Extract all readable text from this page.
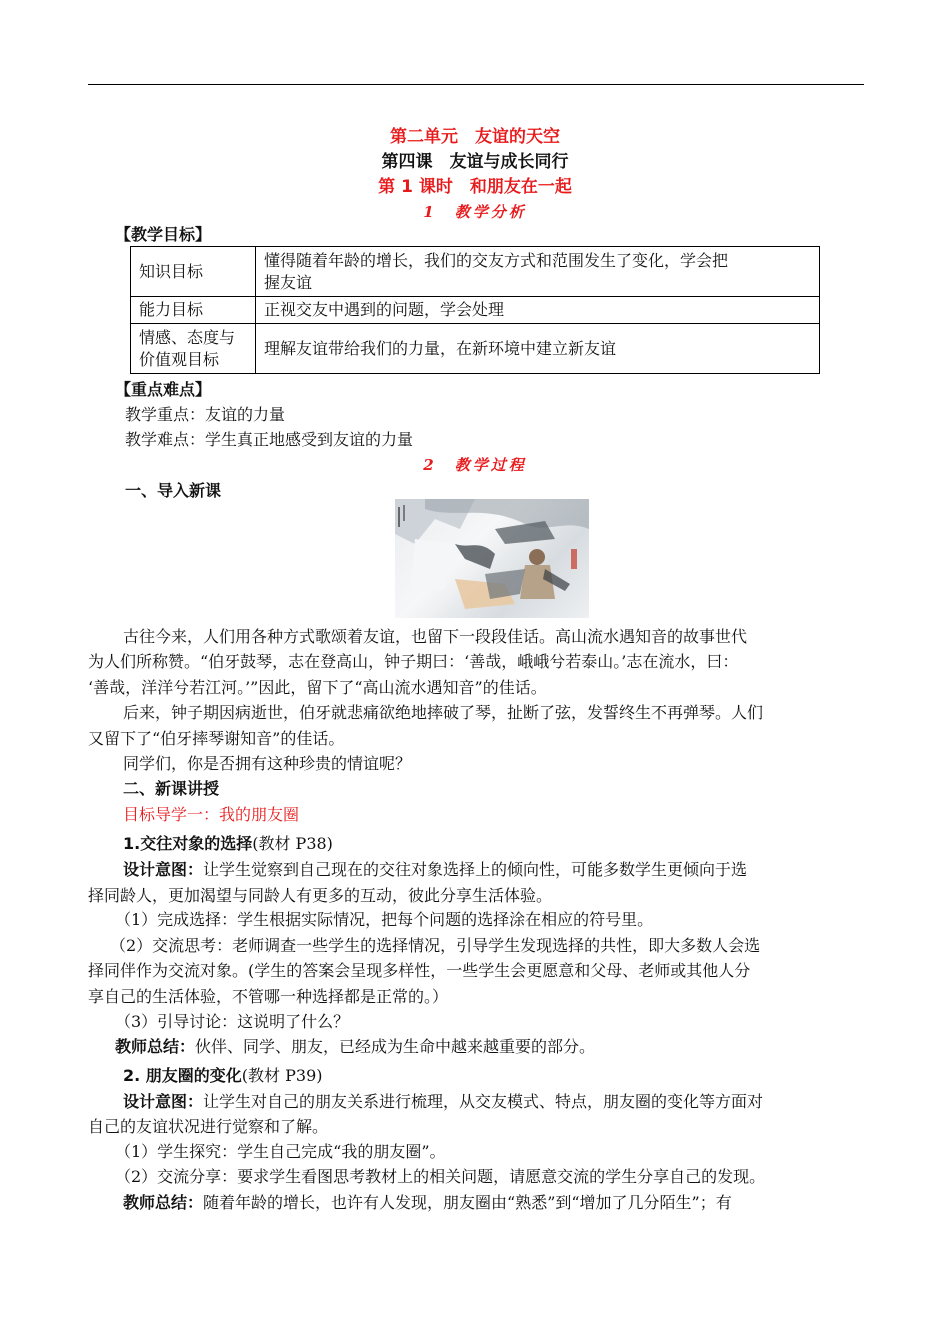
第二单元　友谊的天空
第四课　友谊与成长同行
第 1 课时　和朋友在一起
1　教学分析
【教学目标】
知识目标	懂得随着年龄的增长，我们的交友方式和范围发生了变化，学会把
握友谊

能力目标	正视交友中遇到的问题，学会处理

情感、态度与
价值观目标	理解友谊带给我们的力量，在新环境中建立新友谊
【重点难点】
教学重点：友谊的力量
教学难点：学生真正地感受到友谊的力量
2　教学过程
一、导入新课
古往今来，人们用各种方式歌颂着友谊，也留下一段段佳话。高山流水遇知音的故事世代
为人们所称赞。“伯牙鼓琴，志在登高山，钟子期曰：‘善哉，峨峨兮若泰山。’志在流水，曰：
‘善哉，洋洋兮若江河。’”因此，留下了“高山流水遇知音”的佳话。
后来，钟子期因病逝世，伯牙就悲痛欲绝地摔破了琴，扯断了弦，发誓终生不再弹琴。人们
又留下了“伯牙摔琴谢知音”的佳话。
同学们，你是否拥有这种珍贵的情谊呢？
二、新课讲授
目标导学一：我的朋友圈
1.交往对象的选择(教材 P38)
设计意图：让学生觉察到自己现在的交往对象选择上的倾向性，可能多数学生更倾向于选
择同龄人，更加渴望与同龄人有更多的互动，彼此分享生活体验。
（1）完成选择：学生根据实际情况，把每个问题的选择涂在相应的符号里。
（2）交流思考：老师调查一些学生的选择情况，引导学生发现选择的共性，即大多数人会选
择同伴作为交流对象。(学生的答案会呈现多样性，一些学生会更愿意和父母、老师或其他人分
享自己的生活体验，不管哪一种选择都是正常的。）
（3）引导讨论：这说明了什么？
教师总结：伙伴、同学、朋友，已经成为生命中越来越重要的部分。
2. 朋友圈的变化(教材 P39)
设计意图：让学生对自己的朋友关系进行梳理，从交友模式、特点，朋友圈的变化等方面对
自己的友谊状况进行觉察和了解。
（1）学生探究：学生自己完成“我的朋友圈”。
（2）交流分享：要求学生看图思考教材上的相关问题，请愿意交流的学生分享自己的发现。
教师总结：随着年龄的增长，也许有人发现，朋友圈由“熟悉”到“增加了几分陌生”；有
